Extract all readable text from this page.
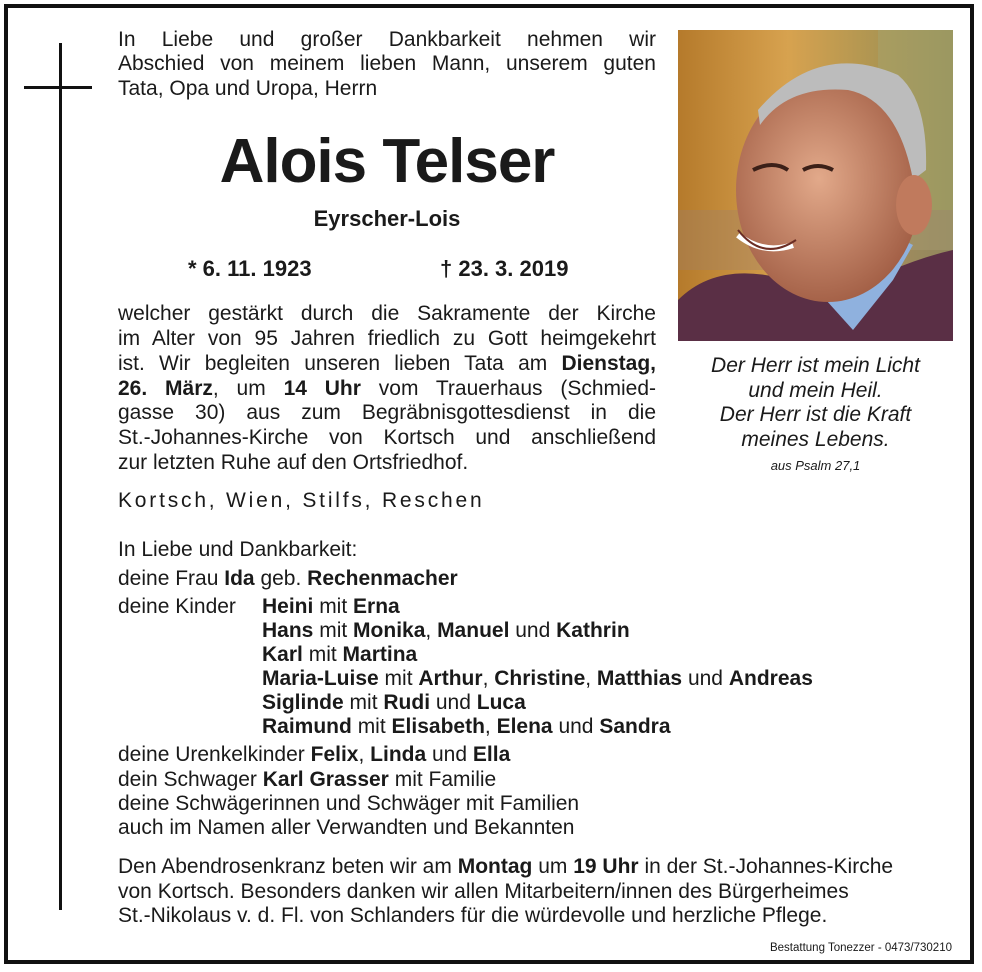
In Liebe und großer Dankbarkeit nehmen wir

Abschied von meinem lieben Mann, unserem guten

Tata, Opa und Uropa, Herrn

Alois Telser
Eyrscher-Lois
* 6. 11. 1923	† 23. 3. 2019

welcher gestärkt durch die Sakramente der Kirche

im Alter von 95 Jahren friedlich zu Gott heimgekehrt

ist. Wir begleiten unseren lieben Tata am Dienstag,

26. März, um 14 Uhr vom Trauerhaus (Schmied-

gasse 30) aus zum Begräbnisgottesdienst in die

St.-Johannes-Kirche von Kortsch und anschließend

zur letzten Ruhe auf den Ortsfriedhof.

Kortsch, Wien, Stilfs, Reschen
Der Herr ist mein Licht
und mein Heil.
Der Herr ist die Kraft
meines Lebens.
aus Psalm 27,1

In Liebe und Dankbarkeit:

deine Frau Ida geb. Rechenmacher

deine Kinder Heini mit Erna

Hans mit Monika, Manuel und Kathrin

Karl mit Martina

Maria-Luise mit Arthur, Christine, Matthias und Andreas

Siglinde mit Rudi und Luca

Raimund mit Elisabeth, Elena und Sandra

deine Urenkelkinder Felix, Linda und Ella

dein Schwager Karl Grasser mit Familie

deine Schwägerinnen und Schwäger mit Familien

auch im Namen aller Verwandten und Bekannten

Den Abendrosenkranz beten wir am Montag um 19 Uhr in der St.-Johannes-Kirche

von Kortsch. Besonders danken wir allen Mitarbeitern/innen des Bürgerheimes

St.-Nikolaus v. d. Fl. von Schlanders für die würdevolle und herzliche Pflege.

Bestattung Tonezzer - 0473/730210
